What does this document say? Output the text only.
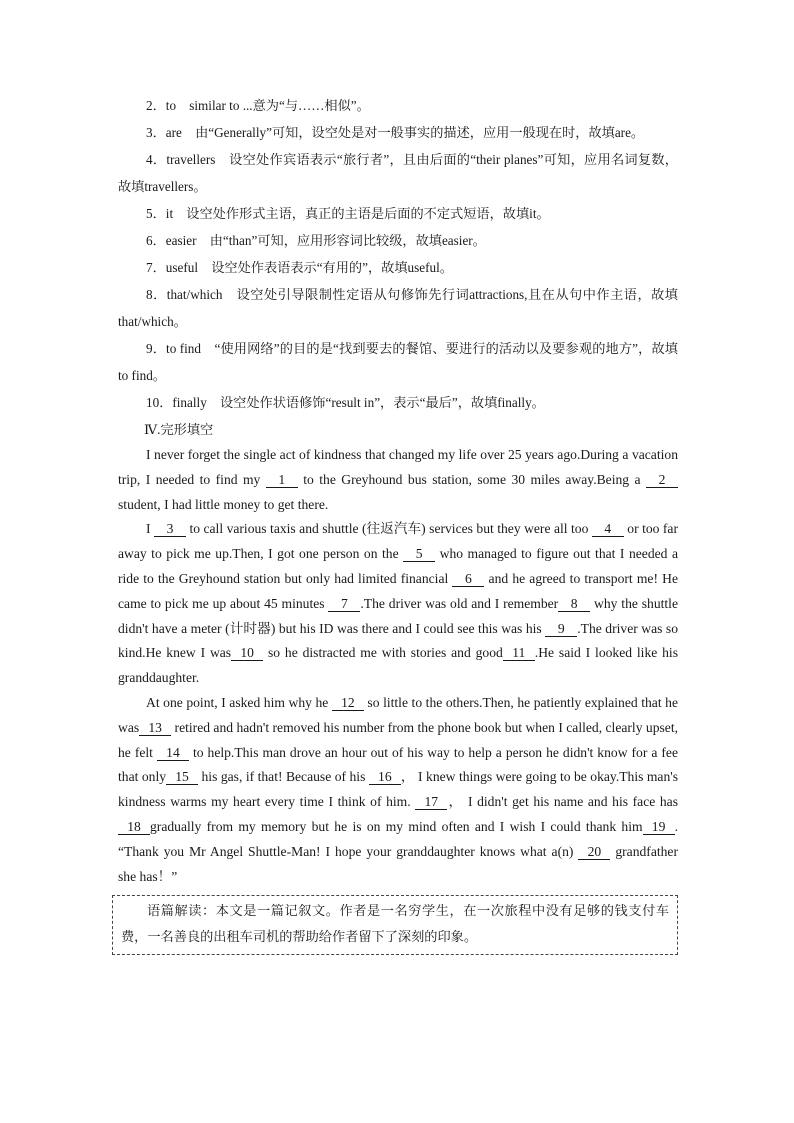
2．to　similar to ...意为“与……相似”。

3．are　由“Generally”可知，设空处是对一般事实的描述，应用一般现在时，故填are。

4．travellers　设空处作宾语表示“旅行者”，且由后面的“their planes”可知，应用名词复数，故填travellers。

5．it　设空处作形式主语，真正的主语是后面的不定式短语，故填it。

6．easier　由“than”可知，应用形容词比较级，故填easier。

7．useful　设空处作表语表示“有用的”，故填useful。

8．that/which　设空处引导限制性定语从句修饰先行词attractions,且在从句中作主语，故填that/which。

9．to find　“使用网络”的目的是“找到要去的餐馆、要进行的活动以及要参观的地方”，故填to find。

10．finally　设空处作状语修饰“result in”，表示“最后”，故填finally。

Ⅳ.完形填空

I never forget the single act of kindness that changed my life over 25 years ago.During a vacation trip, I needed to find my 1 to the Greyhound bus station, some 30 miles away.Being a 2 student, I had little money to get there.

I 3 to call various taxis and shuttle (往返汽车) services but they were all too 4 or too far away to pick me up.Then, I got one person on the 5 who managed to figure out that I needed a ride to the Greyhound station but only had limited financial 6 and he agreed to transport me! He came to pick me up about 45 minutes 7 .The driver was old and I remember 8 why the shuttle didn't have a meter (计时器) but his ID was there and I could see this was his 9 .The driver was so kind.He knew I was 10 so he distracted me with stories and good 11 .He said I looked like his granddaughter.

At one point, I asked him why he 12 so little to the others.Then, he patiently explained that he was 13 retired and hadn't removed his number from the phone book but when I called, clearly upset, he felt 14 to help.This man drove an hour out of his way to help a person he didn't know for a fee that only 15 his gas, if that! Because of his 16 ， I knew things were going to be okay.This man's kindness warms my heart every time I think of him. 17 ， I didn't get his name and his face has 18 gradually from my memory but he is on my mind often and I wish I could thank him 19 . “Thank you Mr Angel Shuttle-Man! I hope your granddaughter knows what a(n) 20 grandfather she has！”

语篇解读：本文是一篇记叙文。作者是一名穷学生，在一次旅程中没有足够的钱支付车费，一名善良的出租车司机的帮助给作者留下了深刻的印象。
